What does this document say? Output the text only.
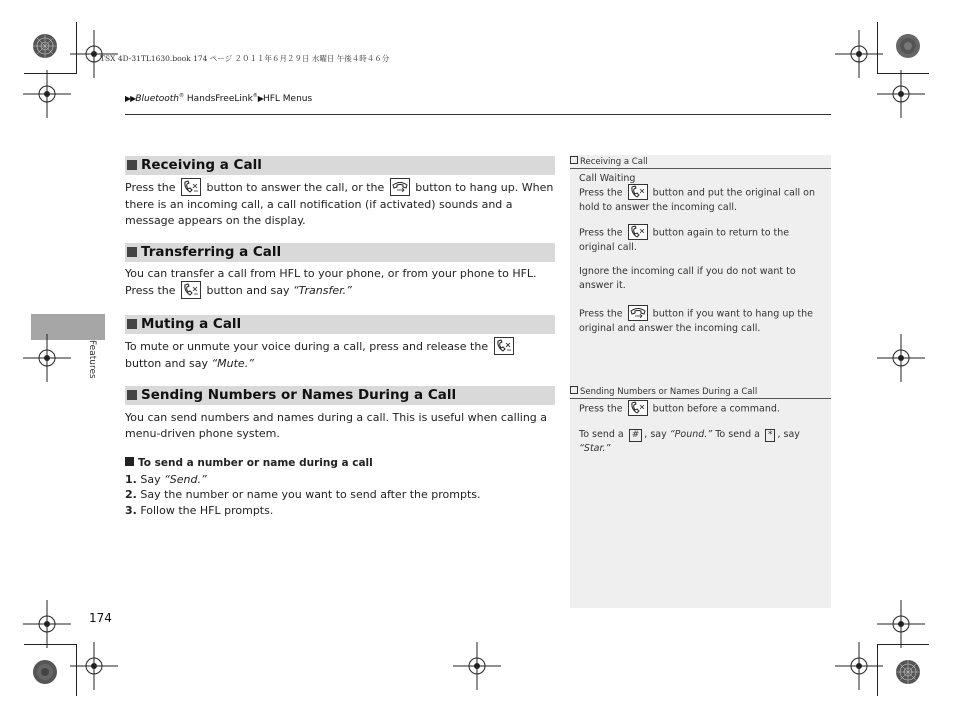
TSX 4D-31TL1630.book 174 ページ ２０１１年６月２９日 水曜日 午後４時４６分
▶▶Bluetooth® HandsFreeLink®▶HFL Menus
Features
Receiving a Call
Press the
button to answer the call, or the
button to hang up. When there is an incoming call, a call notification (if activated) sounds and a message appears on the display.
Transferring a Call
You can transfer a call from HFL to your phone, or from your phone to HFL. Press the
button and say “Transfer.”
Muting a Call
To mute or unmute your voice during a call, press and release the
button and say “Mute.”
Sending Numbers or Names During a Call
You can send numbers and names during a call. This is useful when calling a menu-driven phone system.
To send a number or name during a call
1. Say “Send.”
2. Say the number or name you want to send after the prompts.
3. Follow the HFL prompts.
Receiving a Call
Call Waiting
Press the	button and put the original call on hold to answer the incoming call.
Press the	button again to return to the original call.
Ignore the incoming call if you do not want to answer it.
Press the	button if you want to hang up the original and answer the incoming call.
Sending Numbers or Names During a Call
Press the	button before a command.
To send a # , say “Pound.” To send a * , say “Star.”
174
